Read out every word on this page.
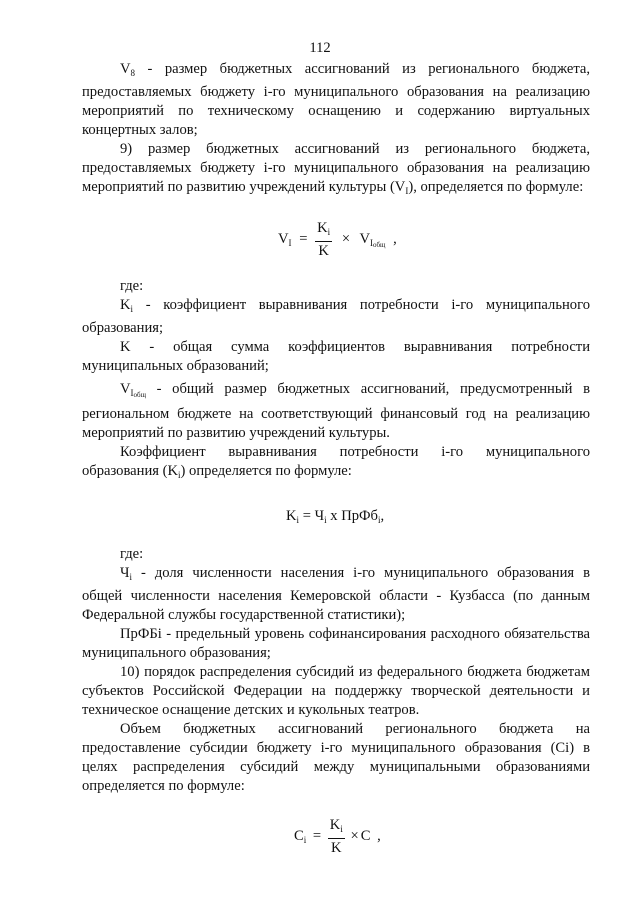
112

$V_8$ - размер бюджетных ассигнований из регионального бюджета, предоставляемых бюджету i-го муниципального образования на реализацию мероприятий по техническому оснащению и содержанию виртуальных концертных залов;

9) размер бюджетных ассигнований из регионального бюджета, предоставляемых бюджету i-го муниципального образования на реализацию мероприятий по развитию учреждений культуры $(V_I)$, определяется по формуле:

$V_I = \frac{K_i}{K} \times V_{Iобщ}$ ,

где:

$K_i$ - коэффициент выравнивания потребности i-го муниципального образования;

K - общая сумма коэффициентов выравнивания потребности муниципальных образований;

$V_{Iобщ}$ - общий размер бюджетных ассигнований, предусмотренный в региональном бюджете на соответствующий финансовый год на реализацию мероприятий по развитию учреждений культуры.

Коэффициент выравнивания потребности i-го муниципального образования $(K_i)$ определяется по формуле:

$K_i = Ч_i$ х ПрФб$_i$,

где:

$Ч_i$ - доля численности населения i-го муниципального образования в общей численности населения Кемеровской области - Кузбасса (по данным Федеральной службы государственной статистики);

ПрФБi - предельный уровень софинансирования расходного обязательства муниципального образования;

10) порядок распределения субсидий из федерального бюджета бюджетам субъектов Российской Федерации на поддержку творческой деятельности и техническое оснащение детских и кукольных театров.

Объем бюджетных ассигнований регионального бюджета на предоставление субсидии бюджету i-го муниципального образования (Ci) в целях распределения субсидий между муниципальными образованиями определяется по формуле:

$C_i = \frac{K_i}{K} \times C$ ,
